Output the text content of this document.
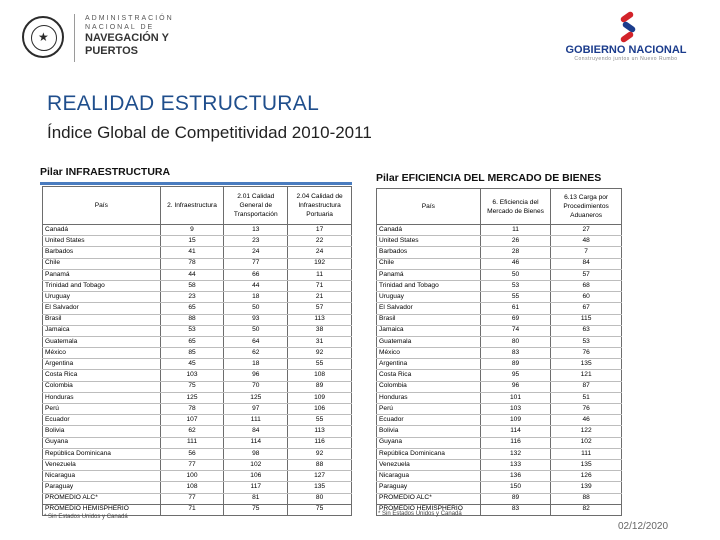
★
ADMINISTRACIÓN
NACIONAL DE
NAVEGACIÓN Y
PUERTOS	GOBIERNO NACIONAL
Construyendo juntos un Nuevo Rumbo
REALIDAD ESTRUCTURAL
Índice Global de Competitividad 2010-2011
Pilar INFRAESTRUCTURA
País	2. Infraestructura	2.01 Calidad General de Transportación	2.04 Calidad de Infraestructura Portuaria
Canadá	9	13	17
United States	15	23	22
Barbados	41	24	24
Chile	78	77	192
Panamá	44	66	11
Trinidad and Tobago	58	44	71
Uruguay	23	18	21
El Salvador	65	50	57
Brasil	88	93	113
Jamaica	53	50	38
Guatemala	65	64	31
México	85	62	92
Argentina	45	18	55
Costa Rica	103	96	108
Colombia	75	70	89
Honduras	125	125	109
Perú	78	97	106
Ecuador	107	111	55
Bolivia	62	84	113
Guyana	111	114	116
República Dominicana	56	98	92
Venezuela	77	102	88
Nicaragua	100	106	127
Paraguay	108	117	135
PROMEDIO ALC*	77	81	80
PROMEDIO HEMISPHERIO	71	75	75
* Sin Estados Unidos y Canadá
Pilar EFICIENCIA DEL MERCADO DE BIENES
País	6. Eficiencia del Mercado de Bienes	6.13 Carga por Procedimientos Aduaneros
Canadá	11	27
United States	26	48
Barbados	28	7
Chile	46	84
Panamá	50	57
Trinidad and Tobago	53	68
Uruguay	55	60
El Salvador	61	67
Brasil	69	115
Jamaica	74	63
Guatemala	80	53
México	83	76
Argentina	89	135
Costa Rica	95	121
Colombia	96	87
Honduras	101	51
Perú	103	76
Ecuador	109	46
Bolivia	114	122
Guyana	116	102
República Dominicana	132	111
Venezuela	133	135
Nicaragua	136	126
Paraguay	150	139
PROMEDIO ALC*	89	88
PROMEDIO HEMISPHERIO	83	82
* Sin Estados Unidos y Canadá
02/12/2020
